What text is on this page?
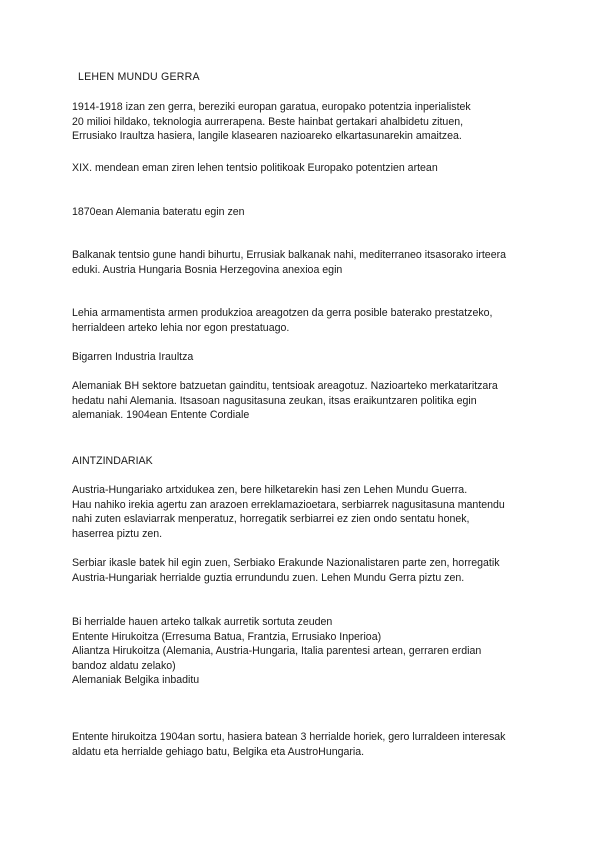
LEHEN MUNDU GERRA

1914-1918 izan zen gerra, bereziki europan garatua, europako potentzia inperialistek
20 milioi hildako, teknologia aurrerapena. Beste hainbat gertakari ahalbidetu zituen,
Errusiako Iraultza hasiera, langile klasearen nazioareko elkartasunarekin amaitzea.

XIX. mendean eman ziren lehen tentsio politikoak Europako potentzien artean

1870ean Alemania bateratu egin zen

Balkanak tentsio gune handi bihurtu, Errusiak balkanak nahi, mediterraneo itsasorako irteera
eduki. Austria Hungaria Bosnia Herzegovina anexioa egin

Lehia armamentista armen produkzioa areagotzen da gerra posible baterako prestatzeko,
herrialdeen arteko lehia nor egon prestatuago.

Bigarren Industria Iraultza

Alemaniak BH sektore batzuetan gainditu, tentsioak areagotuz. Nazioarteko merkataritzara
hedatu nahi Alemania. Itsasoan nagusitasuna zeukan, itsas eraikuntzaren politika egin
alemaniak. 1904ean Entente Cordiale

AINTZINDARIAK

Austria-Hungariako artxidukea zen, bere hilketarekin hasi zen Lehen Mundu Guerra.
Hau nahiko irekia agertu zan arazoen erreklamazioetara, serbiarrek nagusitasuna mantendu
nahi zuten eslaviarrak menperatuz, horregatik serbiarrei ez zien ondo sentatu honek,
haserrea piztu zen.

Serbiar ikasle batek hil egin zuen, Serbiako Erakunde Nazionalistaren parte zen, horregatik
Austria-Hungariak herrialde guztia errundundu zuen. Lehen Mundu Gerra piztu zen.

Bi herrialde hauen arteko talkak aurretik sortuta zeuden
Entente Hirukoitza (Erresuma Batua, Frantzia, Errusiako Inperioa)
Aliantza Hirukoitza (Alemania, Austria-Hungaria, Italia parentesi artean, gerraren erdian
bandoz aldatu zelako)
Alemaniak Belgika inbaditu

Entente hirukoitza 1904an sortu, hasiera batean 3 herrialde horiek, gero lurraldeen interesak
aldatu eta herrialde gehiago batu, Belgika eta AustroHungaria.
